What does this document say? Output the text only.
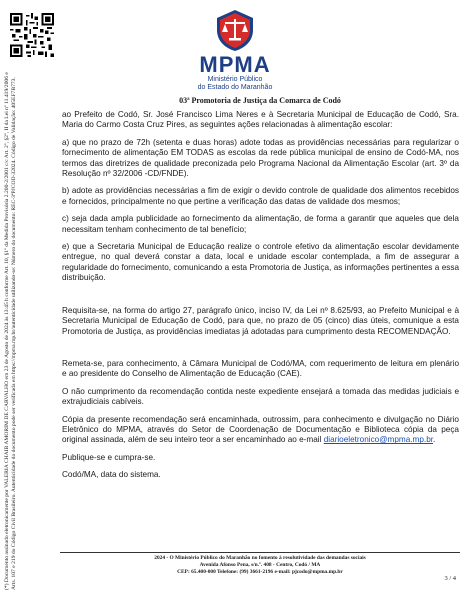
(*) Documento assinado eletronicamente por VALERIA CHAIB AMORIM DE CARVALHO em 23 de Agosto de 2024 às 13:45 h conforme Art. 10, §1º da Medida Provisória 2.200-2/2001 c/c Art. 2º, §2º, II da Lei nº 11.419/2006 e Arts. 107 e 219 do Código Civil Brasileiro. Autenticidade do documento pode ser verificada em https://mpma.mp.br/autenticidade utilizando-se: Número do documento: REC-3ªPJCOD-32024. Código de Validação: 405EF7B773.
MPMA
Ministério Público
do Estado do Maranhão
03ª Promotoria de Justiça da Comarca de Codó

ao Prefeito de Codó, Sr. José Francisco Lima Neres e à Secretaria Municipal de Educação de Codó, Sra. Maria do Carmo Costa Cruz Pires, as seguintes ações relacionadas à alimentação escolar:

a) que no prazo de 72h (setenta e duas horas) adote todas as providências necessárias para regularizar o fornecimento de alimentação EM TODAS as escolas da rede pública municipal de ensino de Codó-MA, nos termos das diretrizes de qualidade preconizada pelo Programa Nacional da Alimentação Escolar (art. 3º da Resolução nº 32/2006 -CD/FNDE).

b) adote as providências necessárias a fim de exigir o devido controle de qualidade dos alimentos recebidos e fornecidos, principalmente no que pertine a verificação das datas de validade dos mesmos;

c) seja dada ampla publicidade ao fornecimento da alimentação, de forma a garantir que aqueles que dela necessitam tenham conhecimento de tal benefício;

e) que a Secretaria Municipal de Educação realize o controle efetivo da alimentação escolar devidamente entregue, no qual deverá constar a data, local e unidade escolar contemplada, a fim de assegurar a regularidade do fornecimento, comunicando a esta Promotoria de Justiça, as informações pertinentes a essa distribuição.

Requisita-se, na forma do artigo 27, parágrafo único, inciso IV, da Lei nº 8.625/93, ao Prefeito Municipal e à Secretaria Municipal de Educação de Codó, para que, no prazo de 05 (cinco) dias úteis, comunique a esta Promotoria de Justiça, as providências imediatas já adotadas para cumprimento desta RECOMENDAÇÃO.

Remeta-se, para conhecimento, à Câmara Municipal de Codó/MA, com requerimento de leitura em plenário e ao presidente do Conselho de Alimentação de Educação (CAE).

O não cumprimento da recomendação contida neste expediente ensejará a tomada das medidas judiciais e extrajudiciais cabíveis.

Cópia da presente recomendação será encaminhada, outrossim, para conhecimento e divulgação no Diário Eletrônico do MPMA, através do Setor de Coordenação de Documentação e Biblioteca cópia da peça original assinada, além de seu inteiro teor a ser encaminhado ao e-mail diarioeletronico@mpma.mp.br.

Publique-se e cumpra-se.

Codó/MA, data do sistema.

2024 - O Ministério Público do Maranhão no fomento à resolutividade das demandas sociais
Avenida Afonso Pena, s/n.º. 408 - Centro, Codó / MA
CEP: 65.400-000 Telefone: (99) 3661-2196 e-mail: pjcodo@mpma.mp.br
3 / 4
